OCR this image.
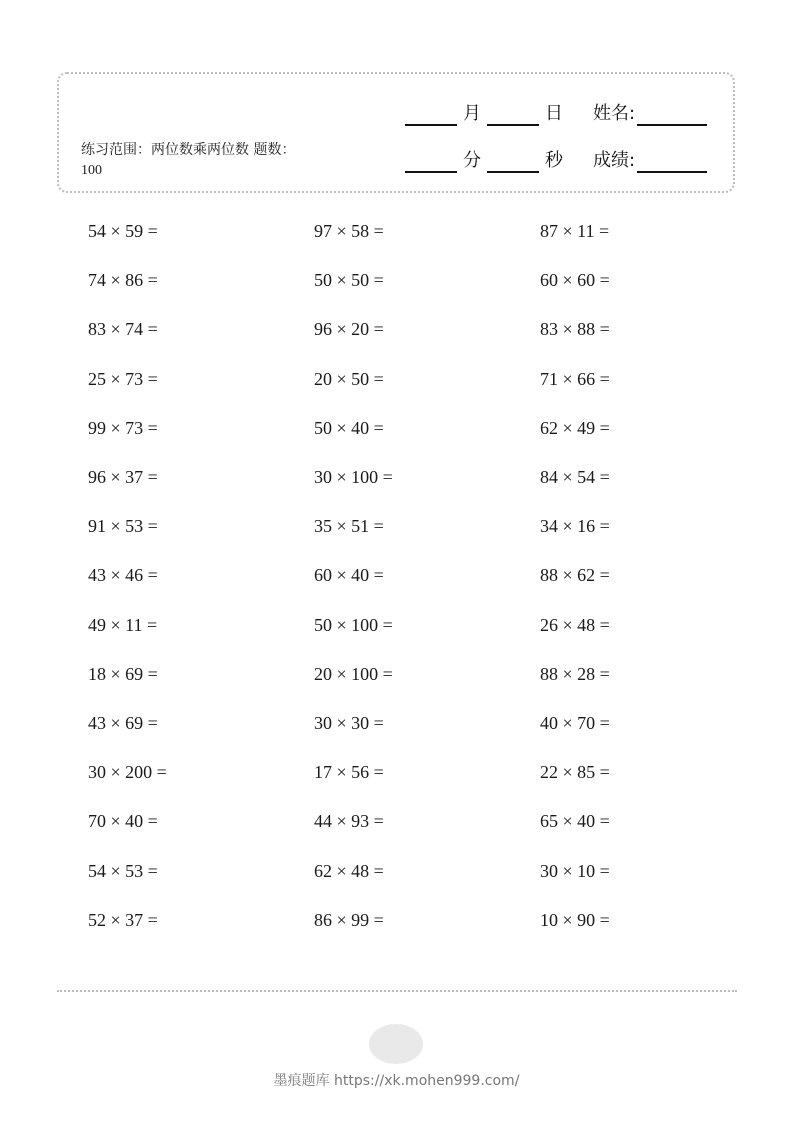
练习范围：两位数乘两位数 题数：100
月	日 姓名:
分	秒 成绩:
54 × 59 =	97 × 58 =	87 × 11 =
74 × 86 =	50 × 50 =	60 × 60 =
83 × 74 =	96 × 20 =	83 × 88 =
25 × 73 =	20 × 50 =	71 × 66 =
99 × 73 =	50 × 40 =	62 × 49 =
96 × 37 =	30 × 100 =	84 × 54 =
91 × 53 =	35 × 51 =	34 × 16 =
43 × 46 =	60 × 40 =	88 × 62 =
49 × 11 =	50 × 100 =	26 × 48 =
18 × 69 =	20 × 100 =	88 × 28 =
43 × 69 =	30 × 30 =	40 × 70 =
30 × 200 =	17 × 56 =	22 × 85 =
70 × 40 =	44 × 93 =	65 × 40 =
54 × 53 =	62 × 48 =	30 × 10 =
52 × 37 =	86 × 99 =	10 × 90 =
墨痕题库 https://xk.mohen999.com/
